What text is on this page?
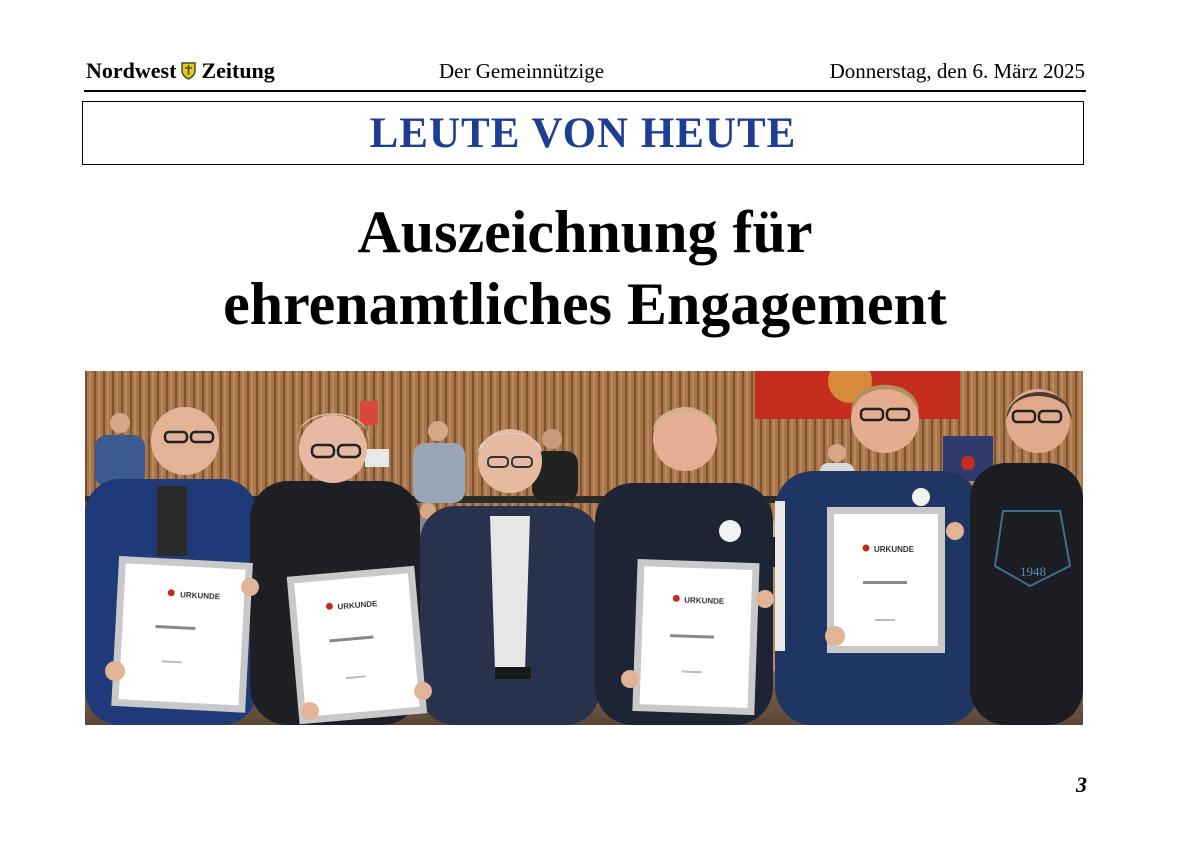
Nordwest Zeitung	Der Gemeinnützige	Donnerstag, den 6. März 2025
LEUTE VON HEUTE
Auszeichnung für
ehrenamtliches Engagement
1948
URKUNDE
URKUNDE	URKUNDE
URKUNDE
3
